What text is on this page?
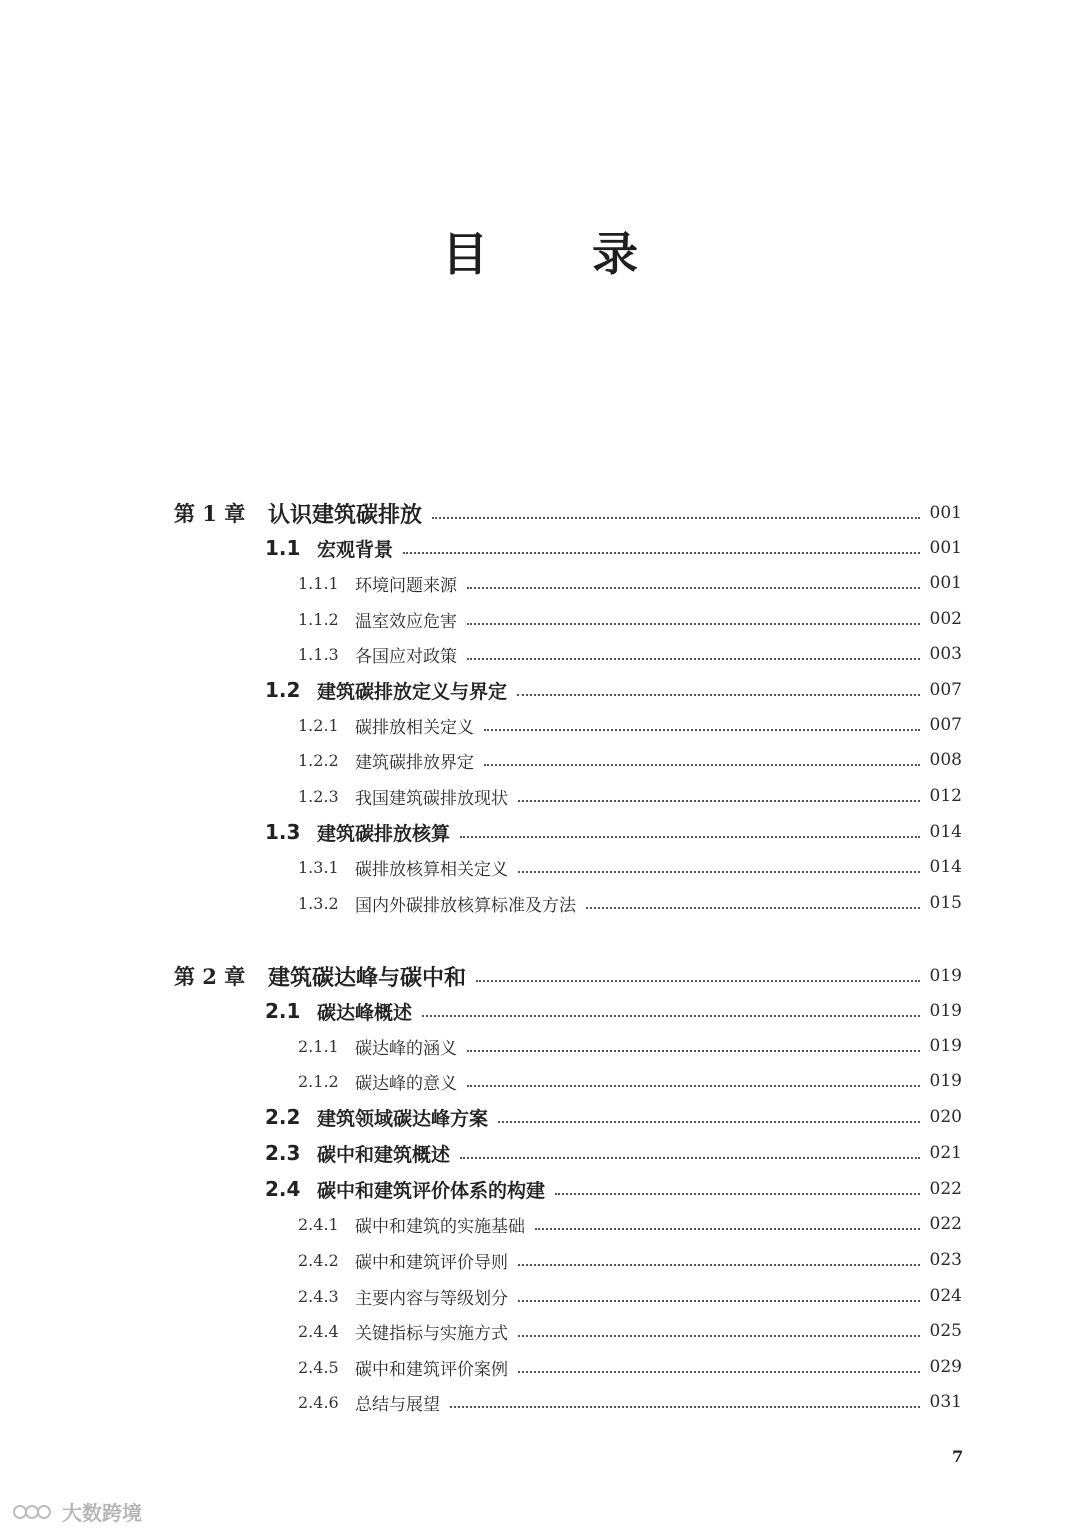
目 录
第 1 章	认识建筑碳排放	001
1.1 宏观背景	001
1.1.1 环境问题来源	001
1.1.2 温室效应危害	002
1.1.3 各国应对政策	003
1.2 建筑碳排放定义与界定	007
1.2.1 碳排放相关定义	007
1.2.2 建筑碳排放界定	008
1.2.3 我国建筑碳排放现状	012
1.3 建筑碳排放核算	014
1.3.1 碳排放核算相关定义	014
1.3.2 国内外碳排放核算标准及方法	015
第 2 章	建筑碳达峰与碳中和	019
2.1 碳达峰概述	019
2.1.1 碳达峰的涵义	019
2.1.2 碳达峰的意义	019
2.2 建筑领域碳达峰方案	020
2.3 碳中和建筑概述	021
2.4 碳中和建筑评价体系的构建	022
2.4.1 碳中和建筑的实施基础	022
2.4.2 碳中和建筑评价导则	023
2.4.3 主要内容与等级划分	024
2.4.4 关键指标与实施方式	025
2.4.5 碳中和建筑评价案例	029
2.4.6 总结与展望	031
7
大数跨境
